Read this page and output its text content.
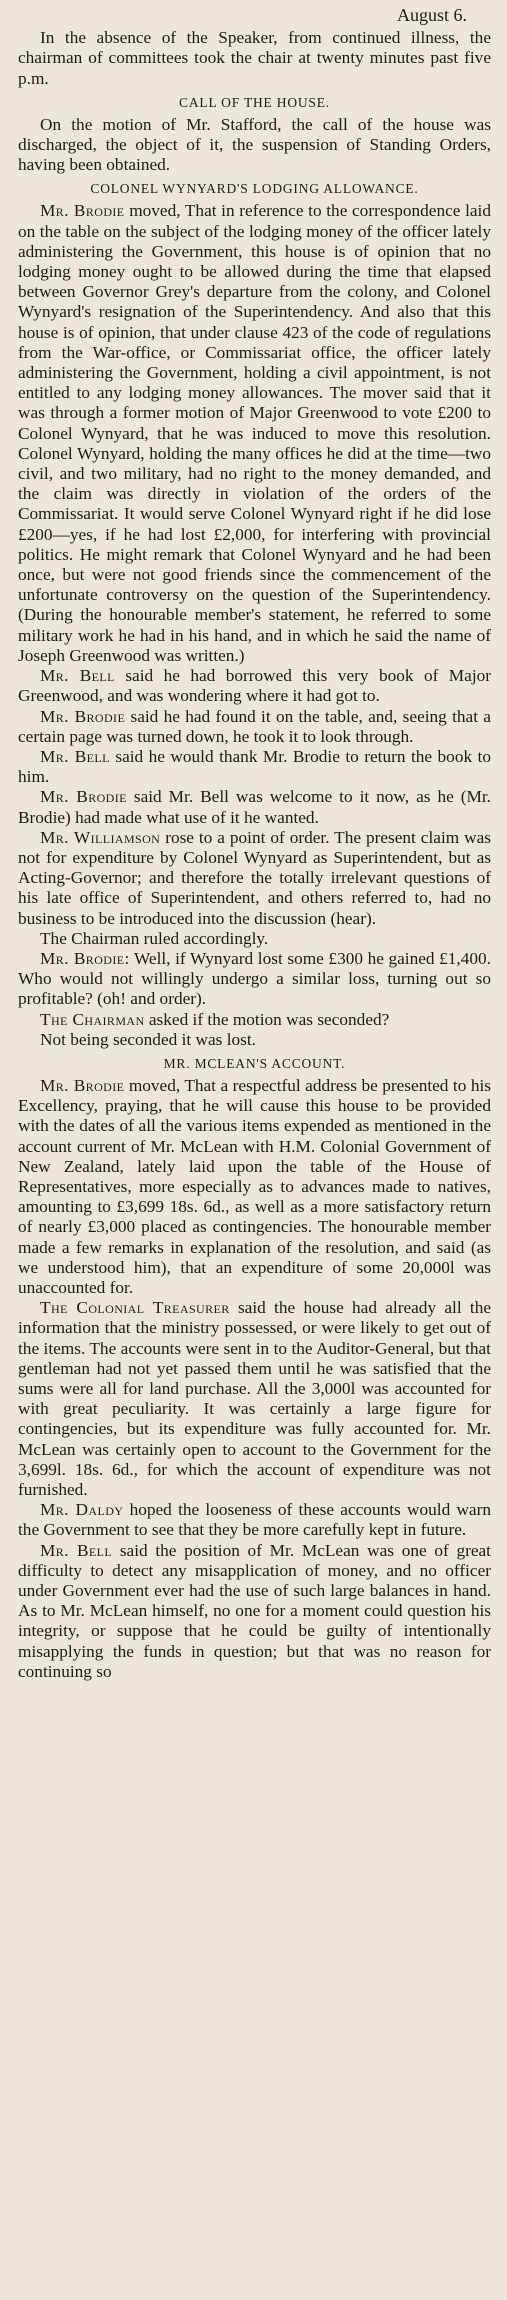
August 6.

In the absence of the Speaker, from continued illness, the chairman of committees took the chair at twenty minutes past five p.m.

CALL OF THE HOUSE.

On the motion of Mr. Stafford, the call of the house was discharged, the object of it, the suspension of Standing Orders, having been obtained.

COLONEL WYNYARD'S LODGING ALLOWANCE.

Mr. Brodie moved, That in reference to the correspondence laid on the table on the subject of the lodging money of the officer lately administering the Government, this house is of opinion that no lodging money ought to be allowed during the time that elapsed between Governor Grey's departure from the colony, and Colonel Wynyard's resignation of the Superintendency. And also that this house is of opinion, that under clause 423 of the code of regulations from the War-office, or Commissariat office, the officer lately administering the Government, holding a civil appointment, is not entitled to any lodging money allowances. The mover said that it was through a former motion of Major Greenwood to vote £200 to Colonel Wynyard, that he was induced to move this resolution. Colonel Wynyard, holding the many offices he did at the time—two civil, and two military, had no right to the money demanded, and the claim was directly in violation of the orders of the Commissariat. It would serve Colonel Wynyard right if he did lose £200—yes, if he had lost £2,000, for interfering with provincial politics. He might remark that Colonel Wynyard and he had been once, but were not good friends since the commencement of the unfortunate controversy on the question of the Superintendency. (During the honourable member's statement, he referred to some military work he had in his hand, and in which he said the name of Joseph Greenwood was written.)

Mr. Bell said he had borrowed this very book of Major Greenwood, and was wondering where it had got to.

Mr. Brodie said he had found it on the table, and, seeing that a certain page was turned down, he took it to look through.

Mr. Bell said he would thank Mr. Brodie to return the book to him.

Mr. Brodie said Mr. Bell was welcome to it now, as he (Mr. Brodie) had made what use of it he wanted.

Mr. Williamson rose to a point of order. The present claim was not for expenditure by Colonel Wynyard as Superintendent, but as Acting-Governor; and therefore the totally irrelevant questions of his late office of Superintendent, and others referred to, had no business to be introduced into the discussion (hear).

The Chairman ruled accordingly.

Mr. Brodie: Well, if Wynyard lost some £300 he gained £1,400. Who would not willingly undergo a similar loss, turning out so profitable? (oh! and order).

The Chairman asked if the motion was seconded?

Not being seconded it was lost.

MR. MCLEAN'S ACCOUNT.

Mr. Brodie moved, That a respectful address be presented to his Excellency, praying, that he will cause this house to be provided with the dates of all the various items expended as mentioned in the account current of Mr. McLean with H.M. Colonial Government of New Zealand, lately laid upon the table of the House of Representatives, more especially as to advances made to natives, amounting to £3,699 18s. 6d., as well as a more satisfactory return of nearly £3,000 placed as contingencies. The honourable member made a few remarks in explanation of the resolution, and said (as we understood him), that an expenditure of some 20,000l was unaccounted for.

The Colonial Treasurer said the house had already all the information that the ministry possessed, or were likely to get out of the items. The accounts were sent in to the Auditor-General, but that gentleman had not yet passed them until he was satisfied that the sums were all for land purchase. All the 3,000l was accounted for with great peculiarity. It was certainly a large figure for contingencies, but its expenditure was fully accounted for. Mr. McLean was certainly open to account to the Government for the 3,699l. 18s. 6d., for which the account of expenditure was not furnished.

Mr. Daldy hoped the looseness of these accounts would warn the Government to see that they be more carefully kept in future.

Mr. Bell said the position of Mr. McLean was one of great difficulty to detect any misapplication of money, and no officer under Government ever had the use of such large balances in hand. As to Mr. McLean himself, no one for a moment could question his integrity, or suppose that he could be guilty of intentionally misapplying the funds in question; but that was no reason for continuing so
